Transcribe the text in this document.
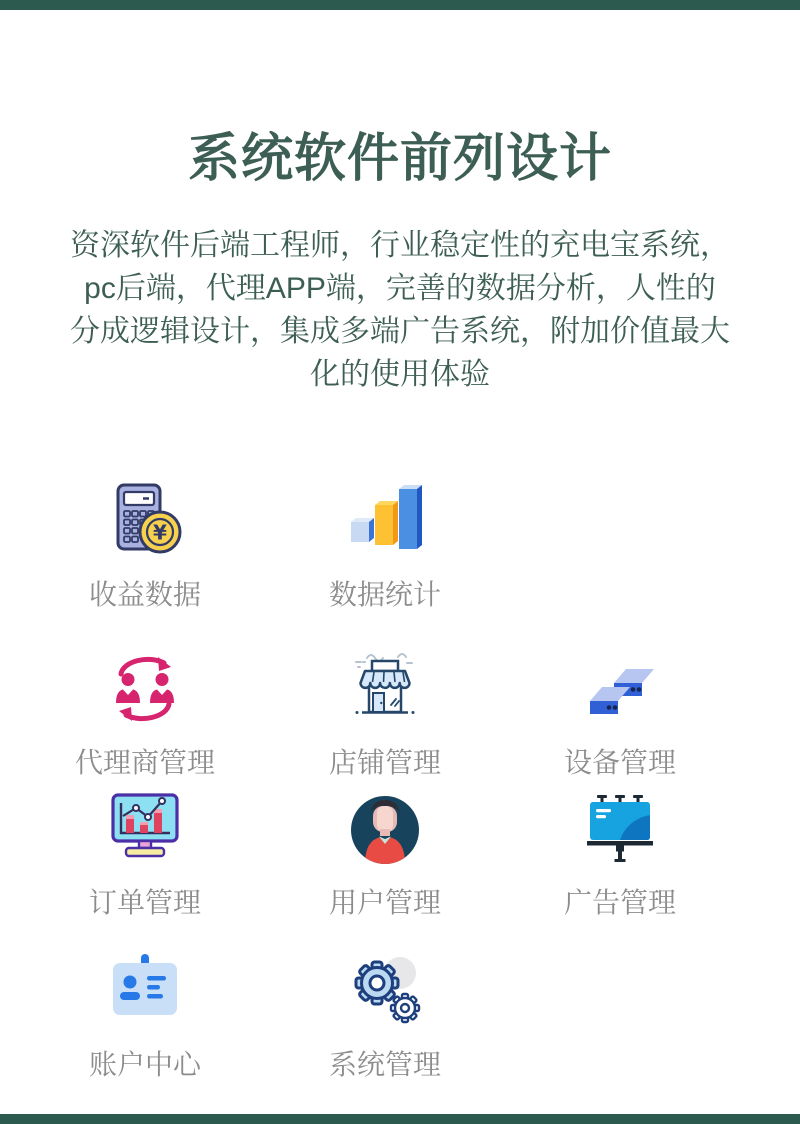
系统软件前列设计

资深软件后端工程师，行业稳定性的充电宝系统，pc后端，代理APP端，完善的数据分析，人性的分成逻辑设计，集成多端广告系统，附加价值最大化的使用体验

¥
收益数据	数据统计
代理商管理	店铺管理	设备管理
订单管理	用户管理	广告管理
账户中心	系统管理
